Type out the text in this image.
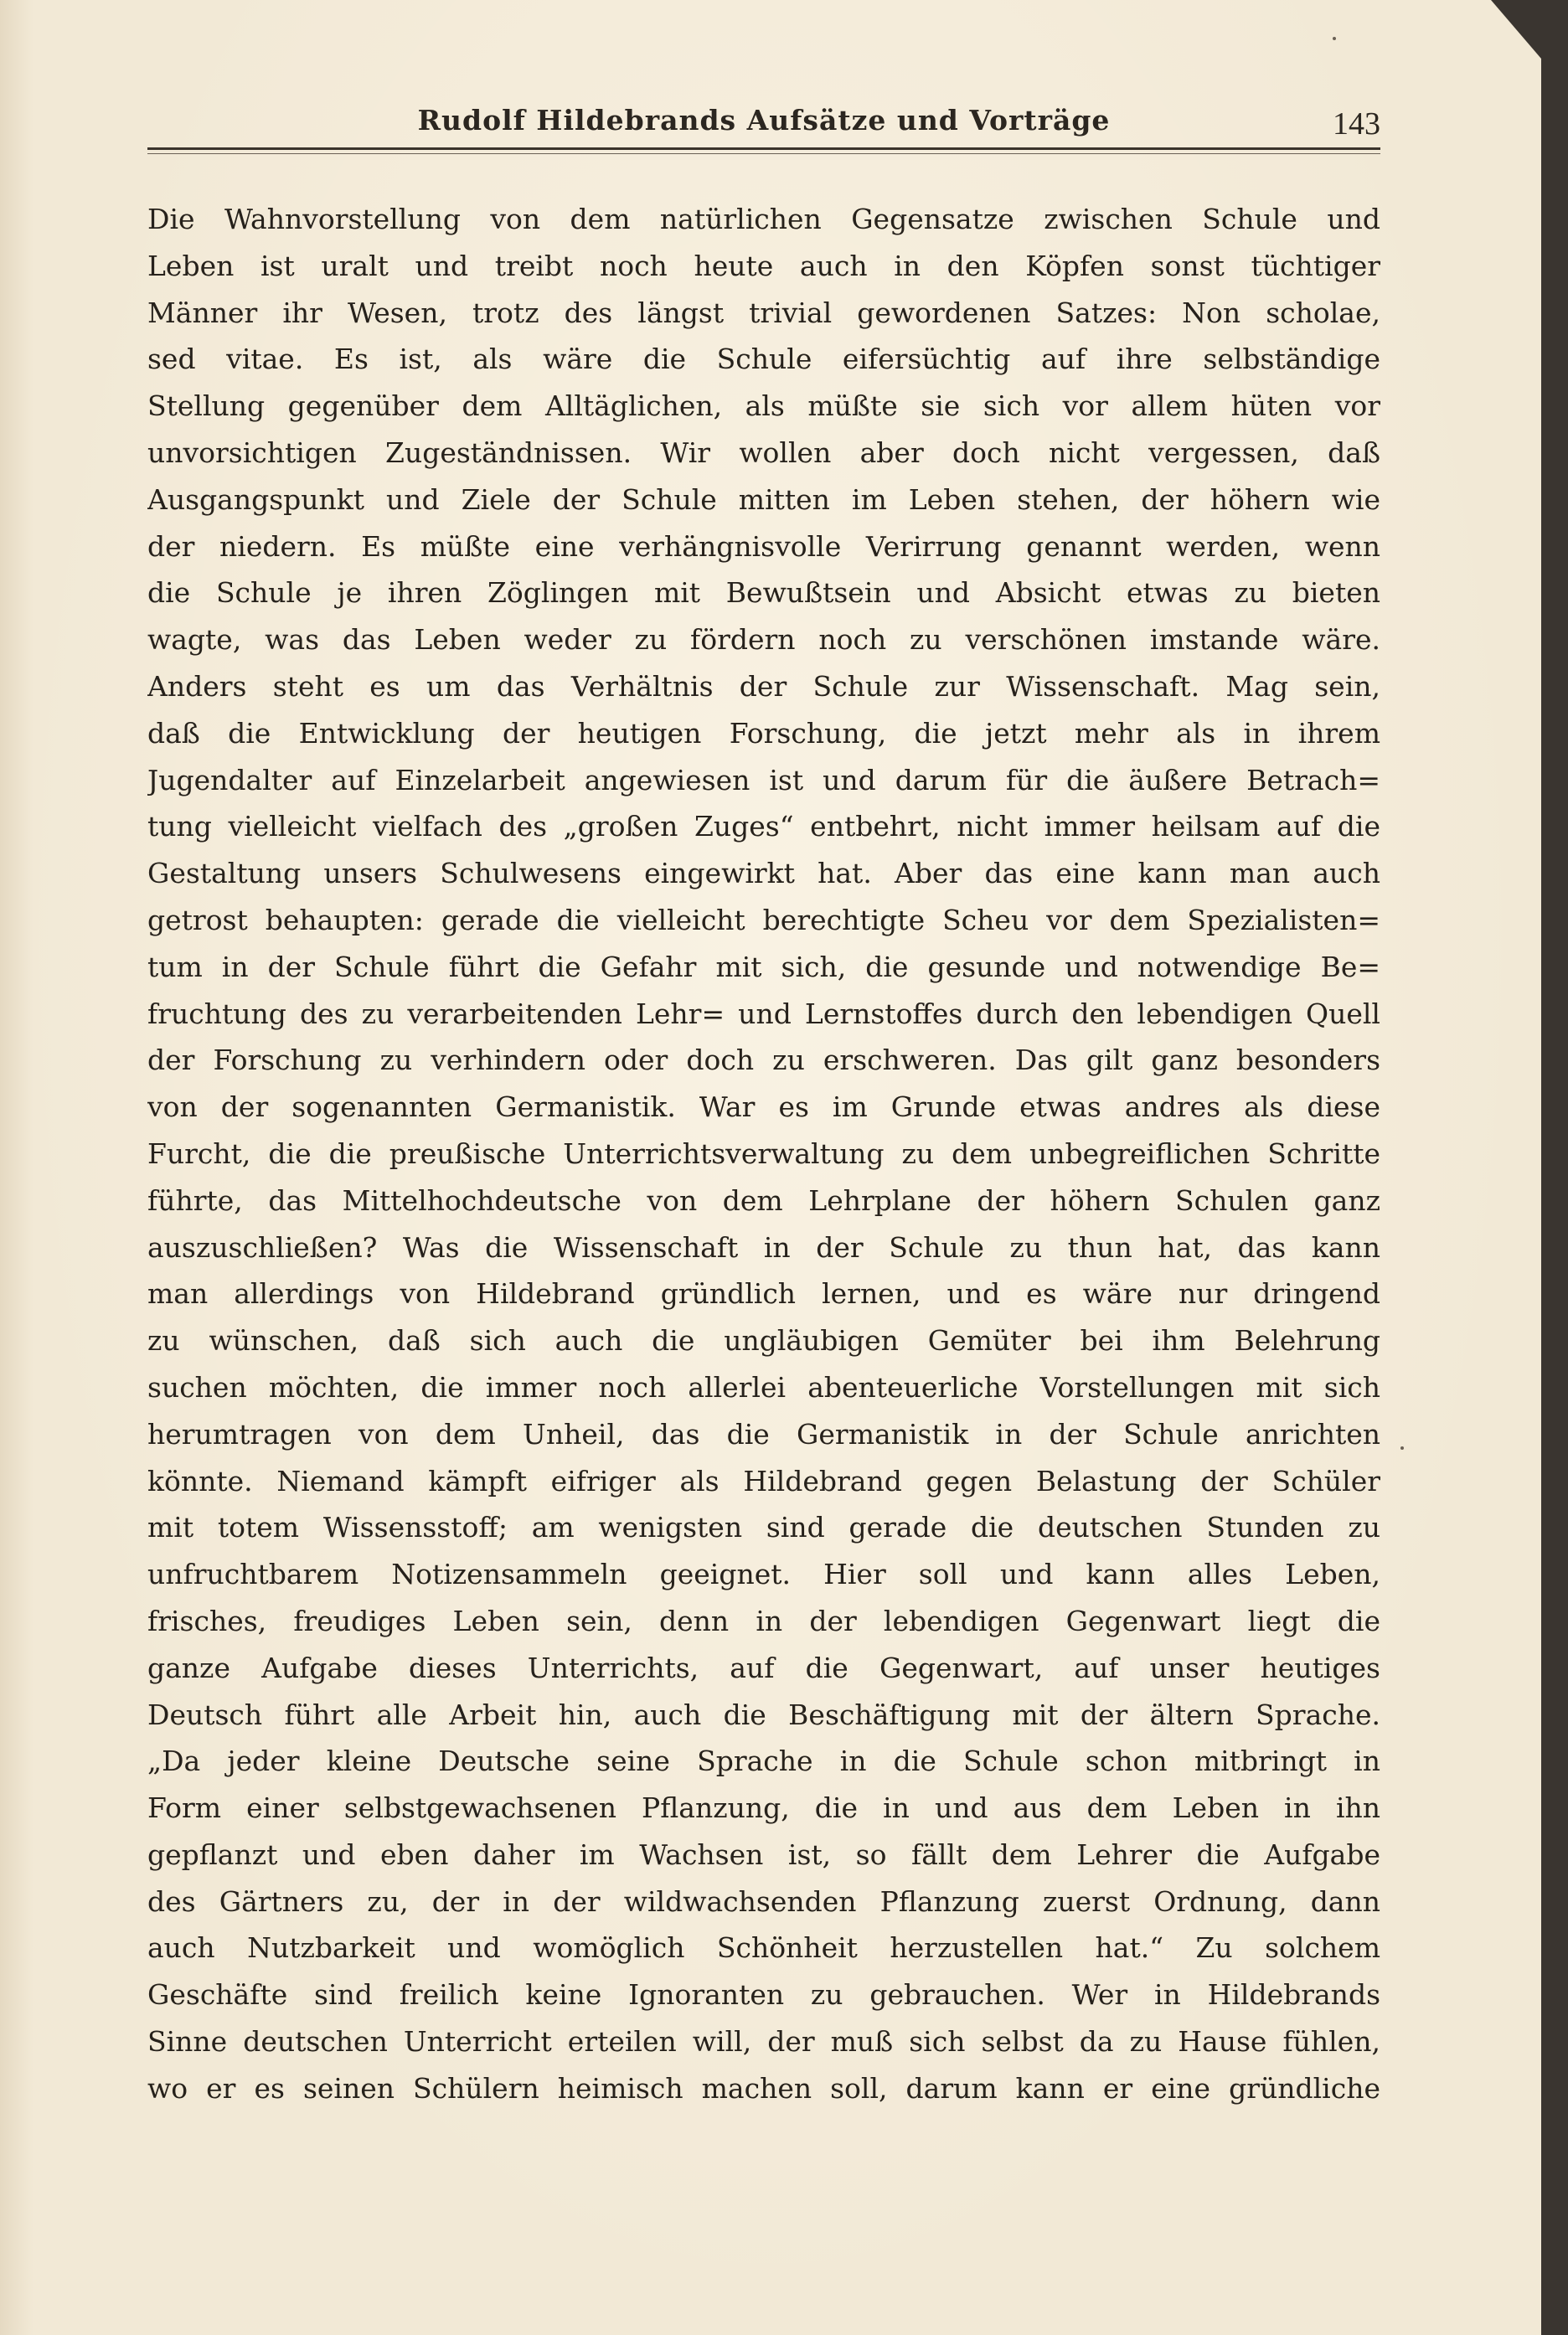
Rudolf Hildebrands Aufsätze und Vorträge	143
Die Wahnvorstellung von dem natürlichen Gegensatze zwischen Schule und
Leben ist uralt und treibt noch heute auch in den Köpfen sonst tüchtiger
Männer ihr Wesen, trotz des längst trivial gewordenen Satzes: Non scholae,
sed vitae. Es ist, als wäre die Schule eifersüchtig auf ihre selbständige
Stellung gegenüber dem Alltäglichen, als müßte sie sich vor allem hüten vor
unvorsichtigen Zugeständnissen. Wir wollen aber doch nicht vergessen, daß
Ausgangspunkt und Ziele der Schule mitten im Leben stehen, der höhern wie
der niedern. Es müßte eine verhängnisvolle Verirrung genannt werden, wenn
die Schule je ihren Zöglingen mit Bewußtsein und Absicht etwas zu bieten
wagte, was das Leben weder zu fördern noch zu verschönen imstande wäre.
Anders steht es um das Verhältnis der Schule zur Wissenschaft. Mag sein,
daß die Entwicklung der heutigen Forschung, die jetzt mehr als in ihrem
Jugendalter auf Einzelarbeit angewiesen ist und darum für die äußere Betrach=
tung vielleicht vielfach des „großen Zuges“ entbehrt, nicht immer heilsam auf die
Gestaltung unsers Schulwesens eingewirkt hat. Aber das eine kann man auch
getrost behaupten: gerade die vielleicht berechtigte Scheu vor dem Spezialisten=
tum in der Schule führt die Gefahr mit sich, die gesunde und notwendige Be=
fruchtung des zu verarbeitenden Lehr= und Lernstoffes durch den lebendigen Quell
der Forschung zu verhindern oder doch zu erschweren. Das gilt ganz besonders
von der sogenannten Germanistik. War es im Grunde etwas andres als diese
Furcht, die die preußische Unterrichtsverwaltung zu dem unbegreiflichen Schritte
führte, das Mittelhochdeutsche von dem Lehrplane der höhern Schulen ganz
auszuschließen? Was die Wissenschaft in der Schule zu thun hat, das kann
man allerdings von Hildebrand gründlich lernen, und es wäre nur dringend
zu wünschen, daß sich auch die ungläubigen Gemüter bei ihm Belehrung
suchen möchten, die immer noch allerlei abenteuerliche Vorstellungen mit sich
herumtragen von dem Unheil, das die Germanistik in der Schule anrichten
könnte. Niemand kämpft eifriger als Hildebrand gegen Belastung der Schüler
mit totem Wissensstoff; am wenigsten sind gerade die deutschen Stunden zu
unfruchtbarem Notizensammeln geeignet. Hier soll und kann alles Leben,
frisches, freudiges Leben sein, denn in der lebendigen Gegenwart liegt die
ganze Aufgabe dieses Unterrichts, auf die Gegenwart, auf unser heutiges
Deutsch führt alle Arbeit hin, auch die Beschäftigung mit der ältern Sprache.
„Da jeder kleine Deutsche seine Sprache in die Schule schon mitbringt in
Form einer selbstgewachsenen Pflanzung, die in und aus dem Leben in ihn
gepflanzt und eben daher im Wachsen ist, so fällt dem Lehrer die Aufgabe
des Gärtners zu, der in der wildwachsenden Pflanzung zuerst Ordnung, dann
auch Nutzbarkeit und womöglich Schönheit herzustellen hat.“ Zu solchem
Geschäfte sind freilich keine Ignoranten zu gebrauchen. Wer in Hildebrands
Sinne deutschen Unterricht erteilen will, der muß sich selbst da zu Hause fühlen,
wo er es seinen Schülern heimisch machen soll, darum kann er eine gründliche
